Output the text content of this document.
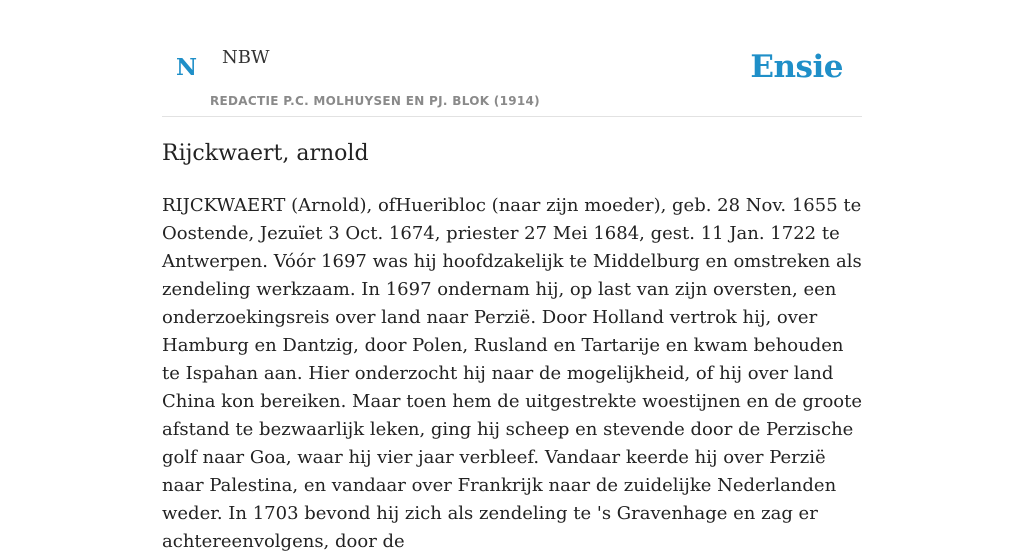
N NBW
REDACTIE P.C. MOLHUYSEN EN PJ. BLOK (1914)
Ensie
Rijckwaert, arnold

RIJCKWAERT (Arnold), ofHueribloc (naar zijn moeder), geb. 28 Nov. 1655 te Oostende, Jezuïet 3 Oct. 1674, priester 27 Mei 1684, gest. 11 Jan. 1722 te Antwerpen. Vóór 1697 was hij hoofdzakelijk te Middelburg en omstreken als zendeling werkzaam. In 1697 ondernam hij, op last van zijn oversten, een onderzoekingsreis over land naar Perzië. Door Holland vertrok hij, over Hamburg en Dantzig, door Polen, Rusland en Tartarije en kwam behouden te Ispahan aan. Hier onderzocht hij naar de mogelijkheid, of hij over land China kon bereiken. Maar toen hem de uitgestrekte woestijnen en de groote afstand te bezwaarlijk leken, ging hij scheep en stevende door de Perzische golf naar Goa, waar hij vier jaar verbleef. Vandaar keerde hij over Perzië naar Palestina, en vandaar over Frankrijk naar de zuidelijke Nederlanden weder. In 1703 bevond hij zich als zendeling te 's Gravenhage en zag er achtereenvolgens, door de
